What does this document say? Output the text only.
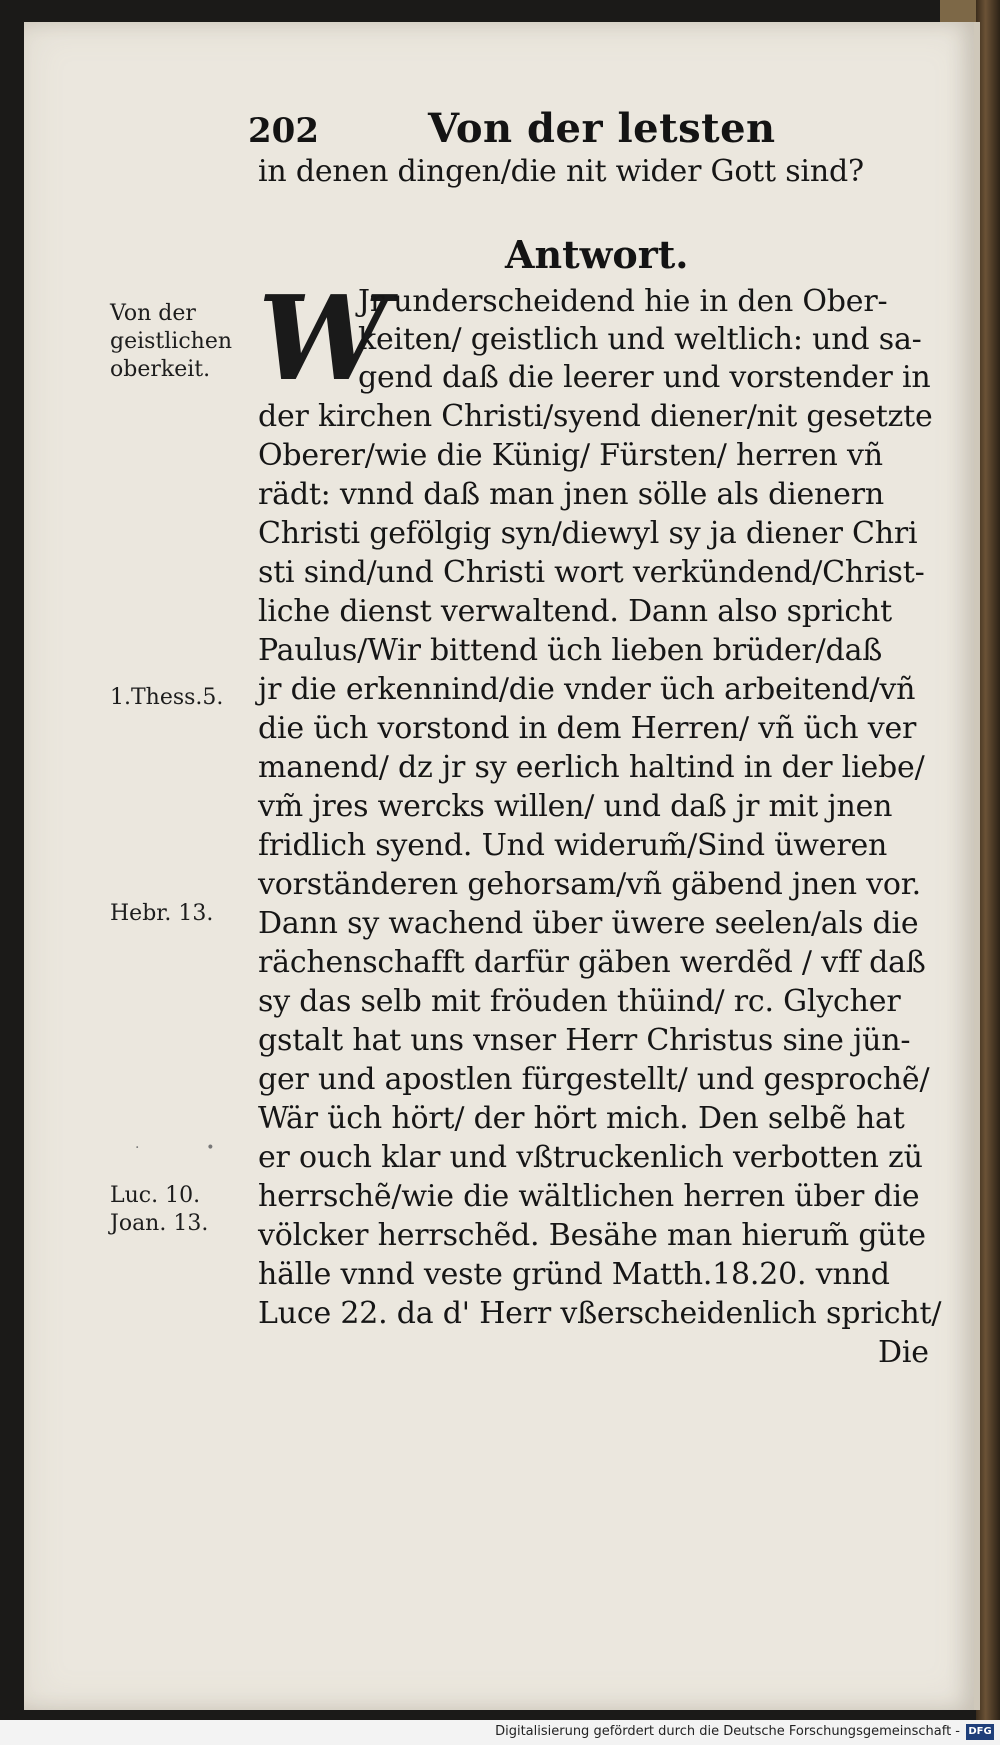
202	Von der letsten
in denen dingen/die nit wider Gott sind?
Antwort.
W
Jr underscheidend hie in den Ober-
keiten/ geistlich und weltlich: und sa-
gend daß die leerer und vorstender in
der kirchen Christi/syend diener/nit gesetzte
Oberer/wie die Künig/ Fürsten/ herren vñ
rädt: vnnd daß man jnen sölle als dienern
Christi gefölgig syn/diewyl sy ja diener Chri
sti sind/und Christi wort verkündend/Christ-
liche dienst verwaltend. Dann also spricht
Paulus/Wir bittend üch lieben brüder/daß
jr die erkennind/die vnder üch arbeitend/vñ
die üch vorstond in dem Herren/ vñ üch ver
manend/ dz jr sy eerlich haltind in der liebe/
vm̃ jres wercks willen/ und daß jr mit jnen
fridlich syend. Und widerum̃/Sind üweren
vorständeren gehorsam/vñ gäbend jnen vor.
Dann sy wachend über üwere seelen/als die
rächenschafft darfür gäben werdẽd / vff daß
sy das selb mit fröuden thüind/ rc. Glycher
gstalt hat uns vnser Herr Christus sine jün-
ger und apostlen fürgestellt/ und gesprochẽ/
Wär üch hört/ der hört mich. Den selbẽ hat
er ouch klar und vßtruckenlich verbotten zü
herrschẽ/wie die wältlichen herren über die
völcker herrschẽd. Besähe man hierum̃ güte
hälle vnnd veste gründ Matth.18.20. vnnd
Luce 22. da d' Herr vßerscheidenlich spricht/
Die
Von der
geistlichen
oberkeit.
1.Thess.5.
Hebr. 13.
·               •
Luc. 10.
Joan. 13.
Digitalisierung gefördert durch die Deutsche Forschungsgemeinschaft - DFG
